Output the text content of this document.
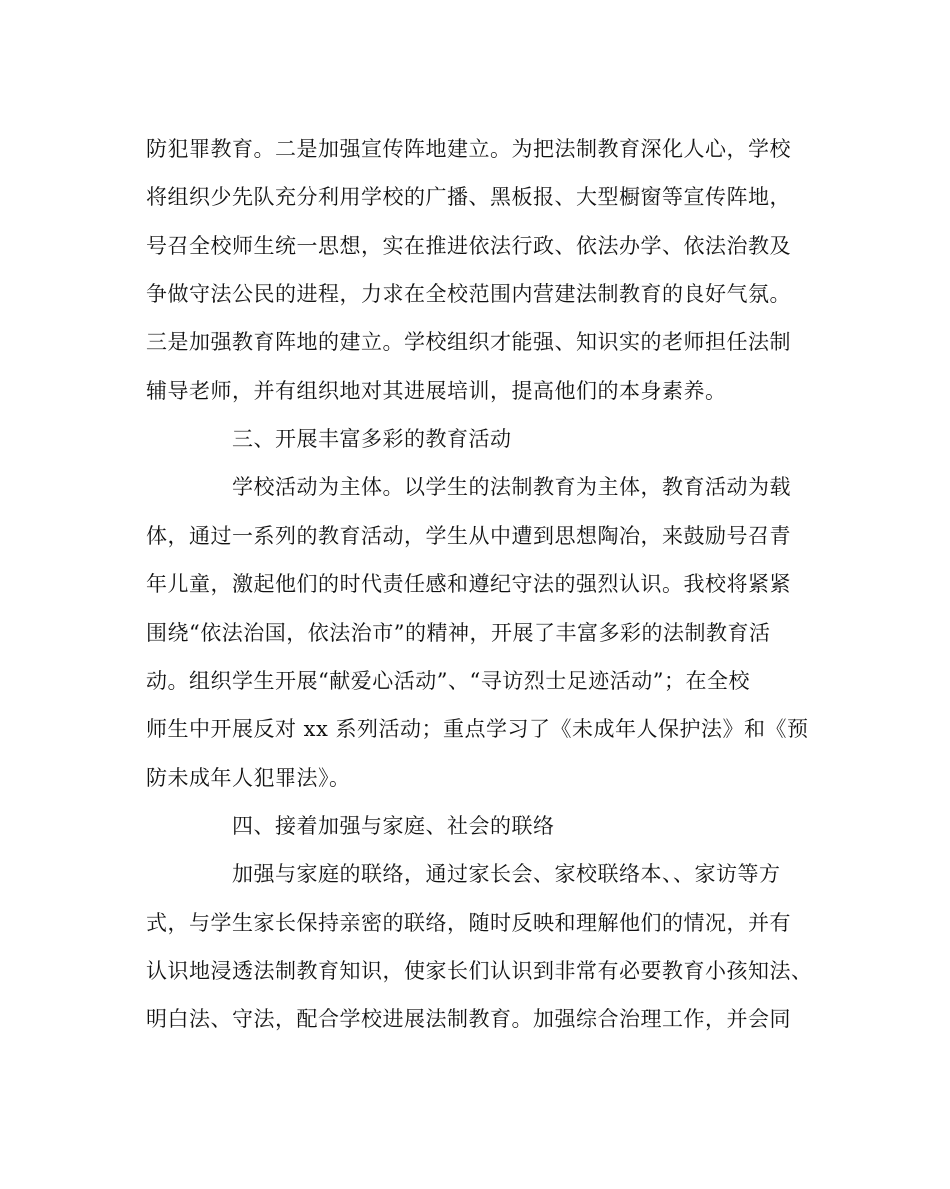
防犯罪教育。二是加强宣传阵地建立。为把法制教育深化人心，学校
将组织少先队充分利用学校的广播、黑板报、大型橱窗等宣传阵地，
号召全校师生统一思想，实在推进依法行政、依法办学、依法治教及
争做守法公民的进程，力求在全校范围内营建法制教育的良好气氛。
三是加强教育阵地的建立。学校组织才能强、知识实的老师担任法制
辅导老师，并有组织地对其进展培训，提高他们的本身素养。
三、开展丰富多彩的教育活动
学校活动为主体。以学生的法制教育为主体，教育活动为载
体，通过一系列的教育活动，学生从中遭到思想陶冶，来鼓励号召青
年儿童，激起他们的时代责任感和遵纪守法的强烈认识。我校将紧紧
围绕“依法治国，依法治市”的精神，开展了丰富多彩的法制教育活
动。组织学生开展“献爱心活动”、“寻访烈士足迹活动”；在全校
师生中开展反对 xx 系列活动；重点学习了《未成年人保护法》和《预
防未成年人犯罪法》。
四、接着加强与家庭、社会的联络
加强与家庭的联络，通过家长会、家校联络本、、家访等方
式，与学生家长保持亲密的联络，随时反映和理解他们的情况，并有
认识地浸透法制教育知识，使家长们认识到非常有必要教育小孩知法、
明白法、守法，配合学校进展法制教育。加强综合治理工作，并会同
